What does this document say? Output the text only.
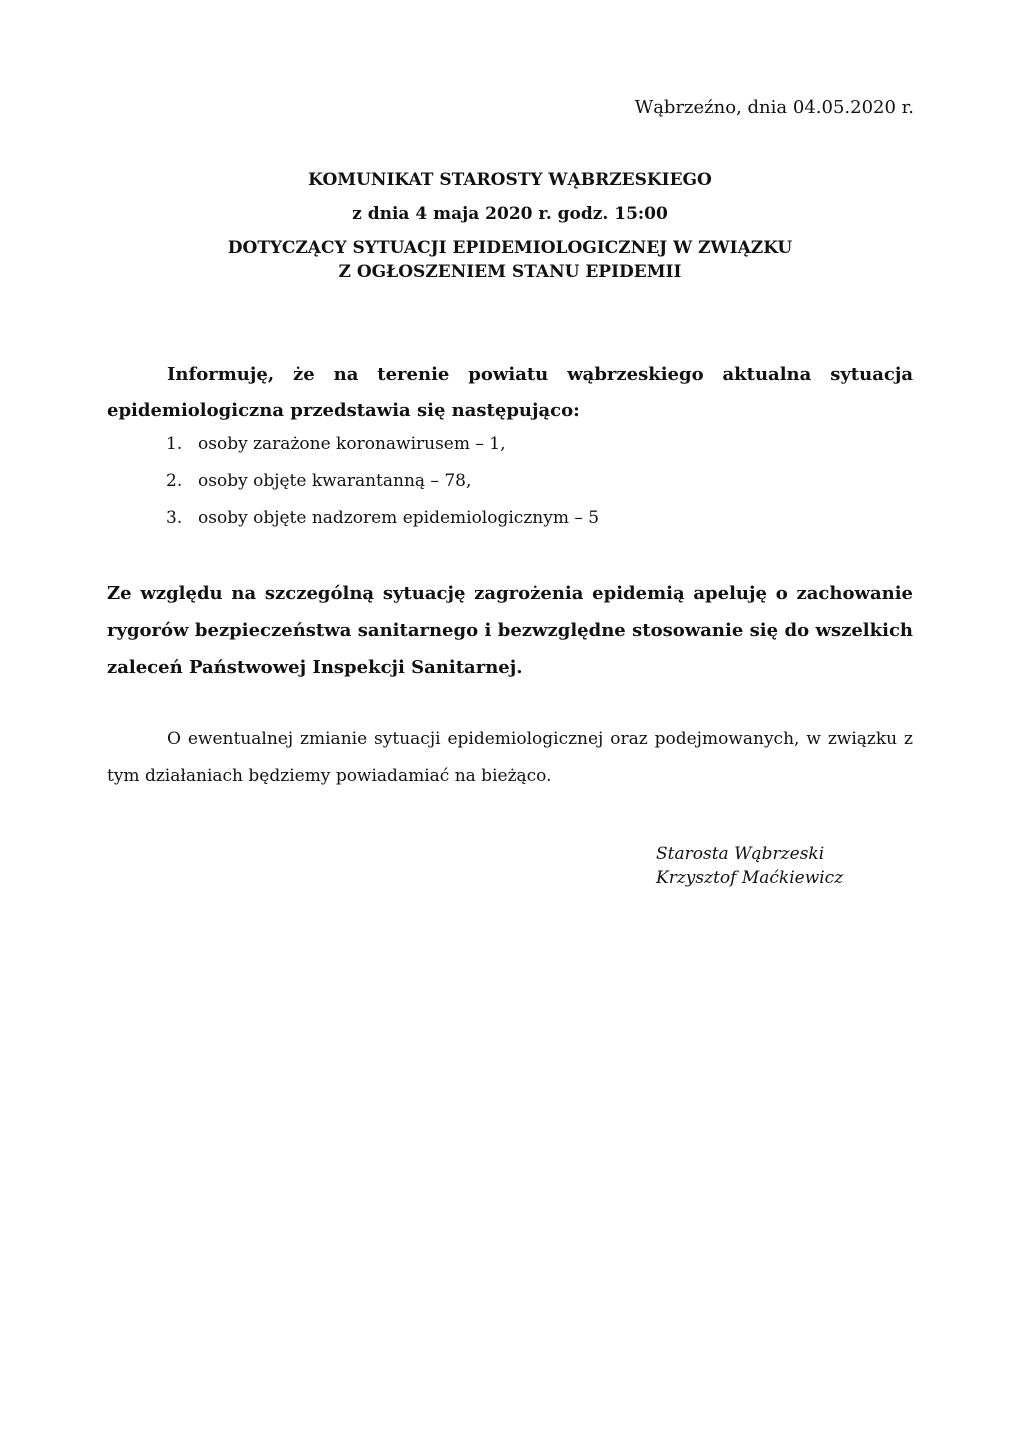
Wąbrzeźno, dnia 04.05.2020 r.
KOMUNIKAT STAROSTY WĄBRZESKIEGO
z dnia 4 maja 2020 r. godz. 15:00
DOTYCZĄCY SYTUACJI EPIDEMIOLOGICZNEJ W ZWIĄZKU
Z OGŁOSZENIEM STANU EPIDEMII
Informuję, że na terenie powiatu wąbrzeskiego aktualna sytuacja epidemiologiczna przedstawia się następująco:
1. osoby zarażone koronawirusem – 1,
2. osoby objęte kwarantanną – 78,
3. osoby objęte nadzorem epidemiologicznym – 5
Ze względu na szczególną sytuację zagrożenia epidemią apeluję o zachowanie rygorów bezpieczeństwa sanitarnego i bezwzględne stosowanie się do wszelkich zaleceń Państwowej Inspekcji Sanitarnej.
O ewentualnej zmianie sytuacji epidemiologicznej oraz podejmowanych, w związku z tym działaniach będziemy powiadamiać na bieżąco.
Starosta Wąbrzeski
Krzysztof Maćkiewicz
